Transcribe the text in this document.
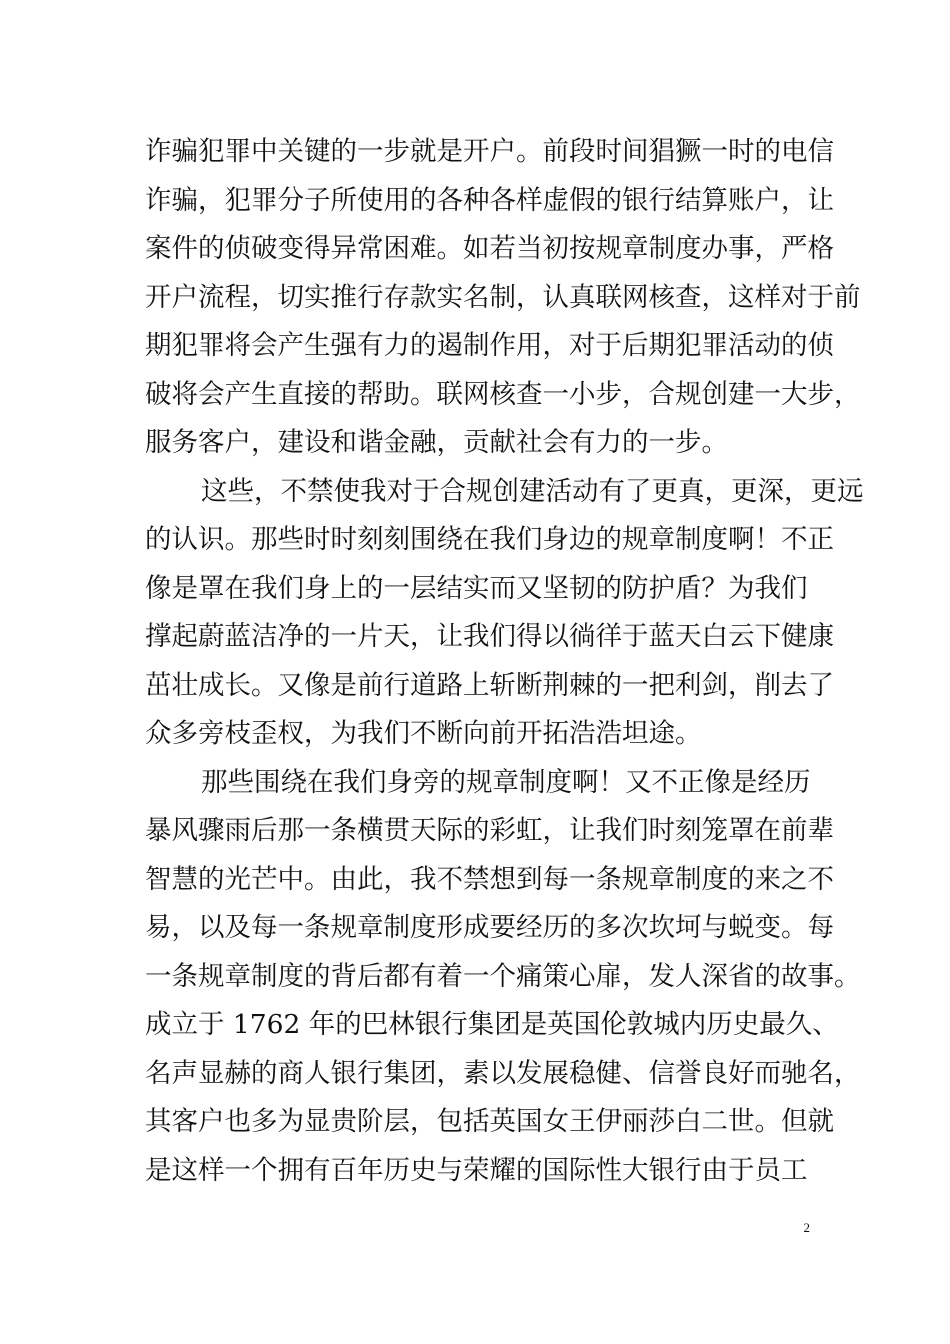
诈骗犯罪中关键的一步就是开户。前段时间猖獗一时的电信
诈骗，犯罪分子所使用的各种各样虚假的银行结算账户，让
案件的侦破变得异常困难。如若当初按规章制度办事，严格
开户流程，切实推行存款实名制，认真联网核查，这样对于前
期犯罪将会产生强有力的遏制作用，对于后期犯罪活动的侦
破将会产生直接的帮助。联网核查一小步，合规创建一大步，
服务客户，建设和谐金融，贡献社会有力的一步。
这些，不禁使我对于合规创建活动有了更真，更深，更远
的认识。那些时时刻刻围绕在我们身边的规章制度啊！不正
像是罩在我们身上的一层结实而又坚韧的防护盾？为我们
撑起蔚蓝洁净的一片天，让我们得以徜徉于蓝天白云下健康
茁壮成长。又像是前行道路上斩断荆棘的一把利剑，削去了
众多旁枝歪杈，为我们不断向前开拓浩浩坦途。
那些围绕在我们身旁的规章制度啊！又不正像是经历
暴风骤雨后那一条横贯天际的彩虹，让我们时刻笼罩在前辈
智慧的光芒中。由此，我不禁想到每一条规章制度的来之不
易，以及每一条规章制度形成要经历的多次坎坷与蜕变。每
一条规章制度的背后都有着一个痛策心扉，发人深省的故事。
成立于 1762 年的巴林银行集团是英国伦敦城内历史最久、
名声显赫的商人银行集团，素以发展稳健、信誉良好而驰名，
其客户也多为显贵阶层，包括英国女王伊丽莎白二世。但就
是这样一个拥有百年历史与荣耀的国际性大银行由于员工
2
